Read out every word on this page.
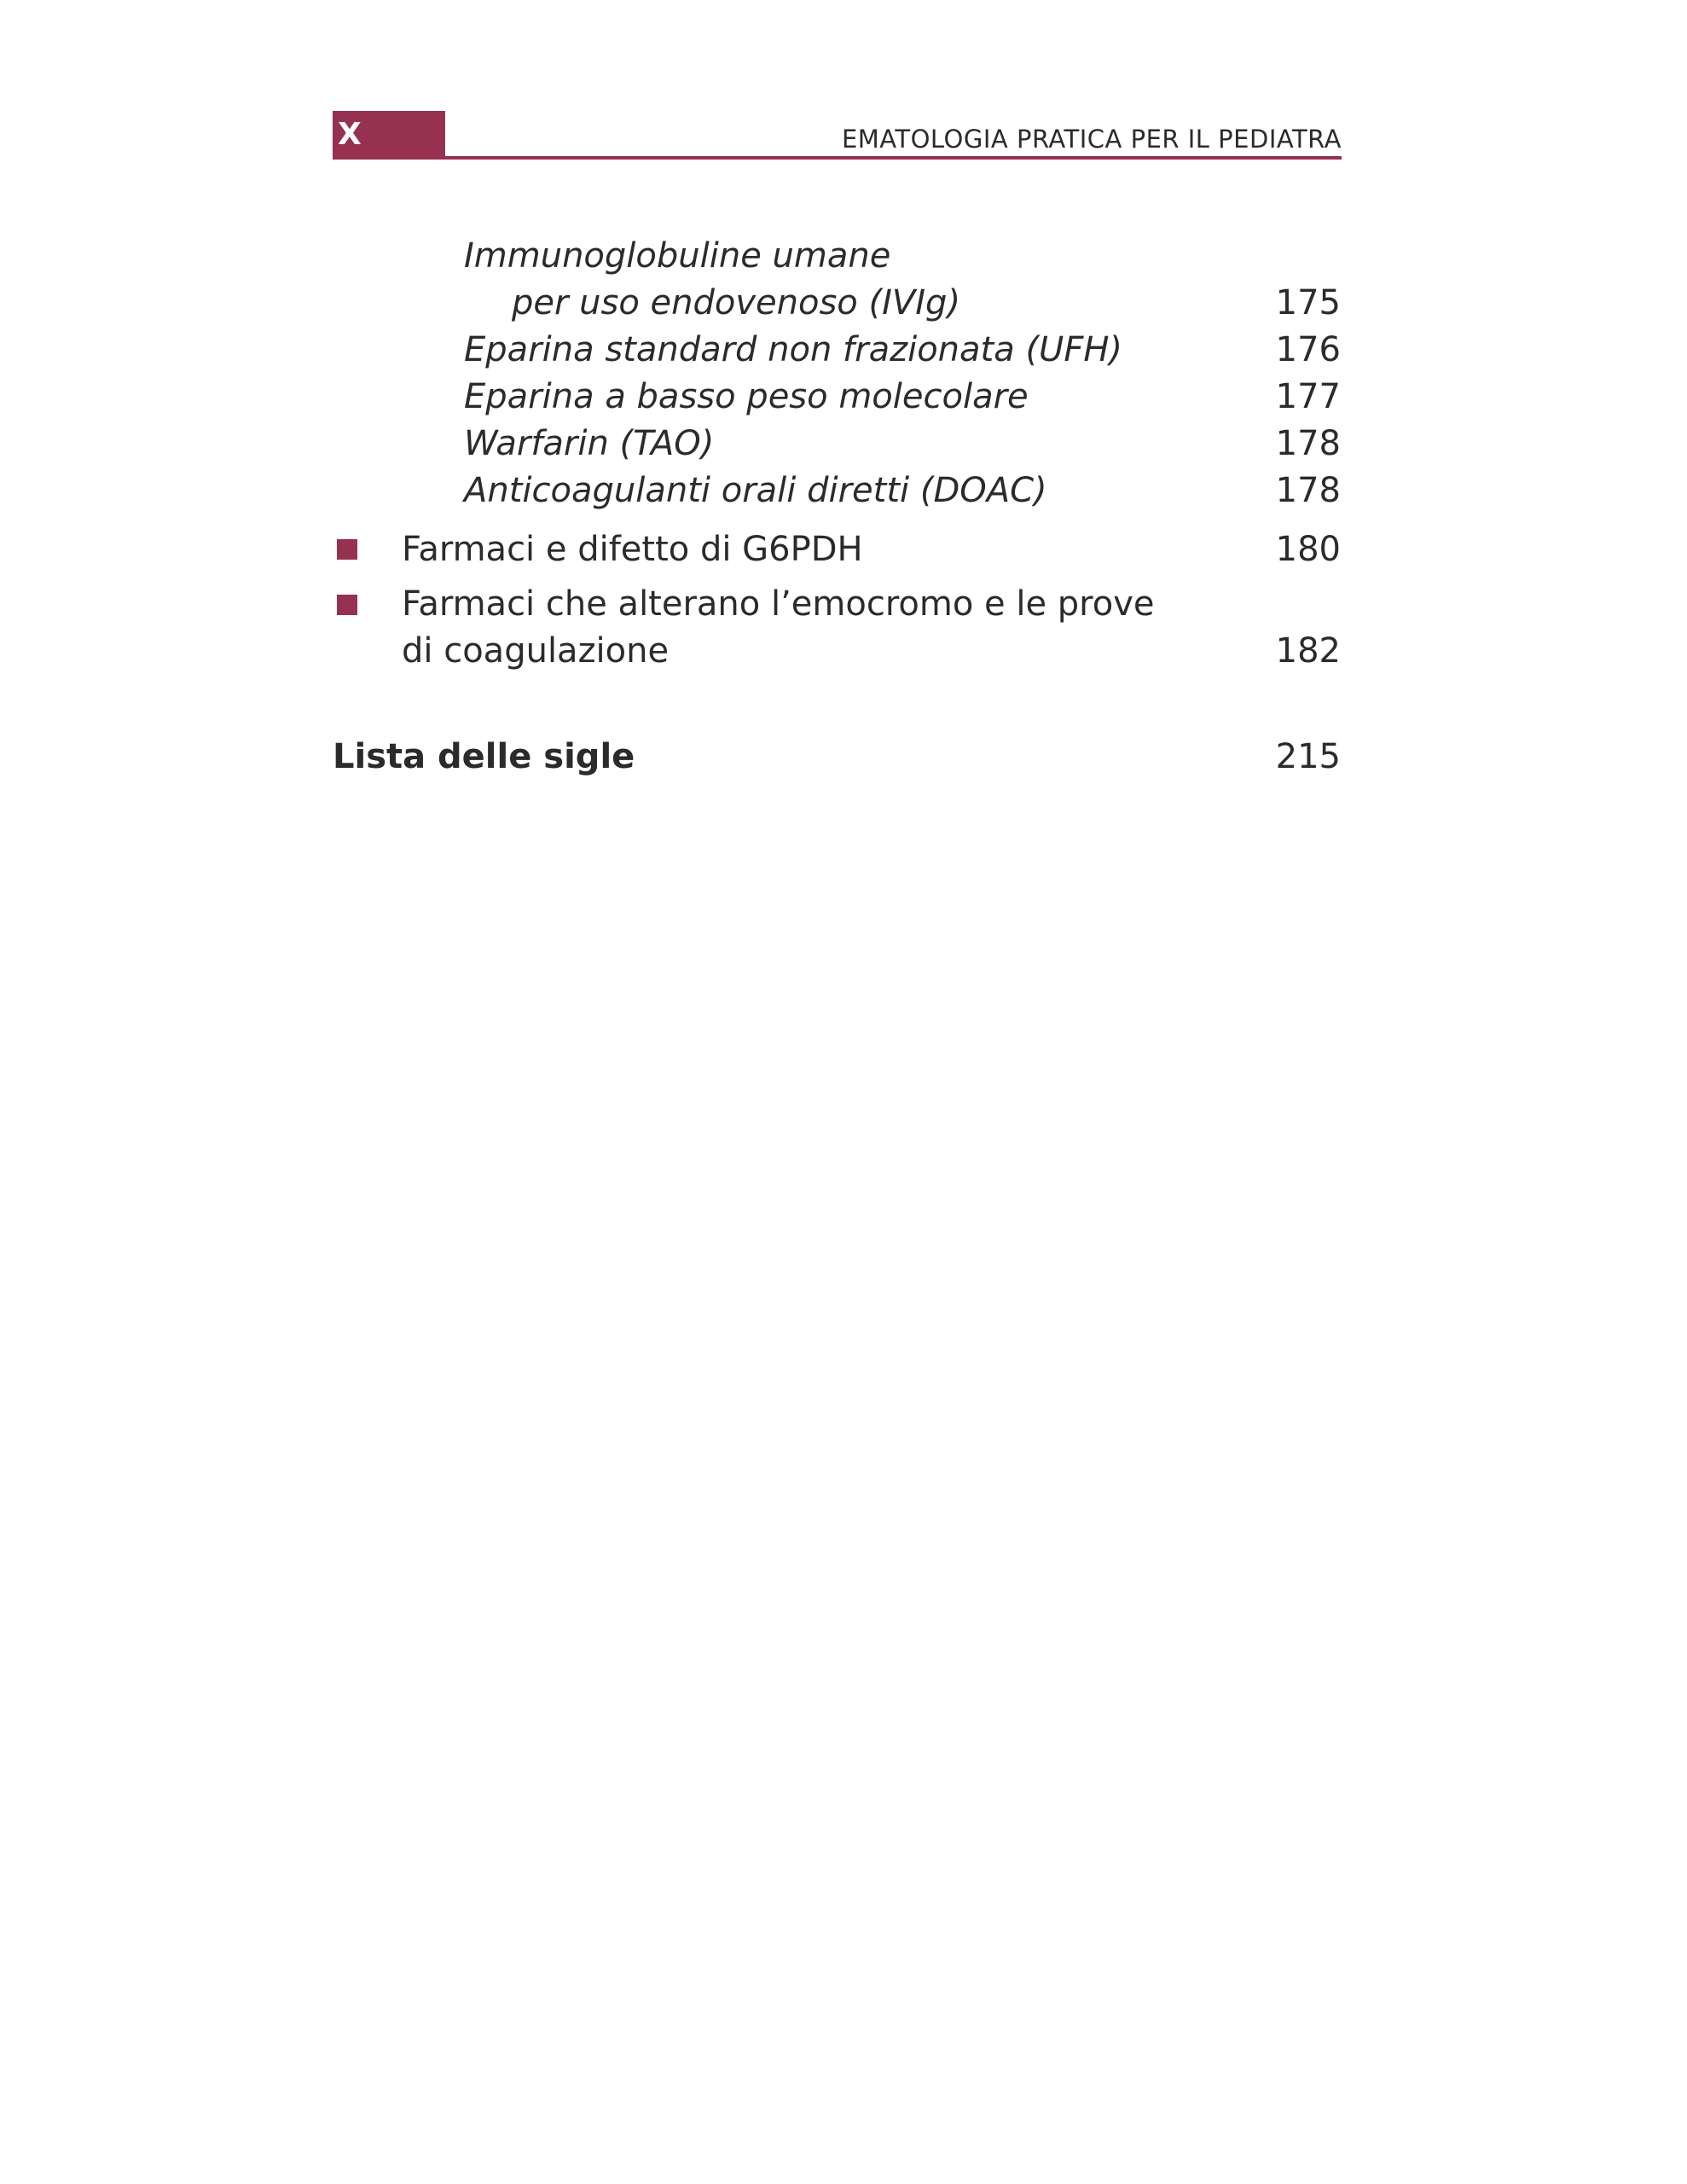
X	EMATOLOGIA PRATICA PER IL PEDIATRA
Immunoglobuline umane
per uso endovenoso (IVIg)	175
Eparina standard non frazionata (UFH)	176
Eparina a basso peso molecolare	177
Warfarin (TAO)	178
Anticoagulanti orali diretti (DOAC)	178
Farmaci e difetto di G6PDH	180
Farmaci che alterano l’emocromo e le prove
di coagulazione	182
Lista delle sigle	215
